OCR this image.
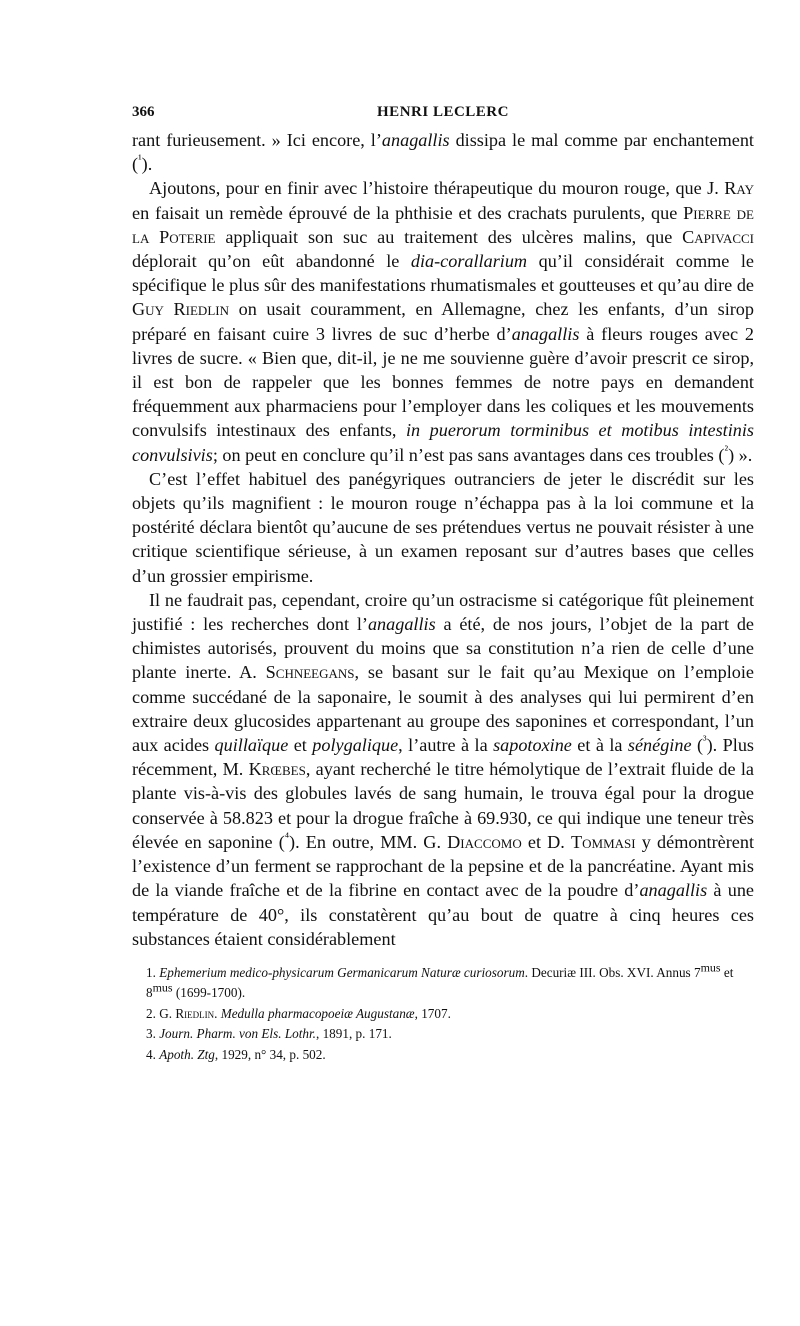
366	HENRI LECLERC

rant furieusement. » Ici encore, l’anagallis dissipa le mal comme par enchantement ($^{^1}$).

Ajoutons, pour en finir avec l’histoire thérapeutique du mouron rouge, que J. Ray en faisait un remède éprouvé de la phthisie et des crachats purulents, que Pierre de la Poterie appliquait son suc au traitement des ulcères malins, que Capivacci déplorait qu’on eût abandonné le dia-corallarium qu’il considérait comme le spécifique le plus sûr des manifestations rhumatismales et goutteuses et qu’au dire de Guy Riedlin on usait couramment, en Allemagne, chez les enfants, d’un sirop préparé en faisant cuire 3 livres de suc d’herbe d’anagallis à fleurs rouges avec 2 livres de sucre. « Bien que, dit-il, je ne me souvienne guère d’avoir prescrit ce sirop, il est bon de rappeler que les bonnes femmes de notre pays en demandent fréquemment aux pharmaciens pour l’employer dans les coliques et les mouvements convulsifs intestinaux des enfants, in puerorum torminibus et motibus intestinis convulsivis; on peut en conclure qu’il n’est pas sans avantages dans ces troubles ($^{^2}$) ».

C’est l’effet habituel des panégyriques outranciers de jeter le discrédit sur les objets qu’ils magnifient : le mouron rouge n’échappa pas à la loi commune et la postérité déclara bientôt qu’aucune de ses prétendues vertus ne pouvait résister à une critique scientifique sérieuse, à un examen reposant sur d’autres bases que celles d’un grossier empirisme.

Il ne faudrait pas, cependant, croire qu’un ostracisme si catégorique fût pleinement justifié : les recherches dont l’anagallis a été, de nos jours, l’objet de la part de chimistes autorisés, prouvent du moins que sa constitution n’a rien de celle d’une plante inerte. A. Schneegans, se basant sur le fait qu’au Mexique on l’emploie comme succédané de la saponaire, le soumit à des analyses qui lui permirent d’en extraire deux glucosides appartenant au groupe des saponines et correspondant, l’un aux acides quillaïque et polygalique, l’autre à la sapotoxine et à la sénégine ($^{^3}$). Plus récemment, M. Krœbes, ayant recherché le titre hémolytique de l’extrait fluide de la plante vis-à-vis des globules lavés de sang humain, le trouva égal pour la drogue conservée à 58.823 et pour la drogue fraîche à 69.930, ce qui indique une teneur très élevée en saponine ($^{^4}$). En outre, MM. G. Diaccomo et D. Tommasi y démontrèrent l’existence d’un ferment se rapprochant de la pepsine et de la pancréatine. Ayant mis de la viande fraîche et de la fibrine en contact avec de la poudre d’anagallis à une température de 40°, ils constatèrent qu’au bout de quatre à cinq heures ces substances étaient considérablement

1. Ephemerium medico-physicarum Germanicarum Naturæ curiosorum. Decuriæ III. Obs. XVI. Annus 7mus et 8mus (1699-1700).
2. G. Riedlin. Medulla pharmacopoeiæ Augustanæ, 1707.
3. Journ. Pharm. von Els. Lothr., 1891, p. 171.
4. Apoth. Ztg, 1929, n° 34, p. 502.
